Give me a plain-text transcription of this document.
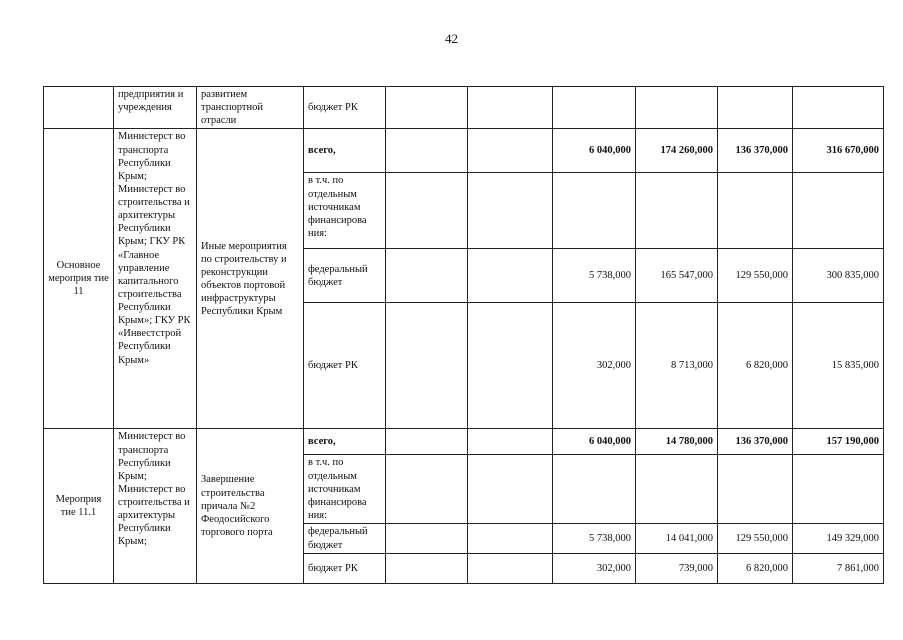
42
	предприятия и учреждения	развитием транспортной отрасли	бюджет РК						
Основное мероприя тие 11	Министерст во транспорта Республики Крым; Министерст во строительства и архитектуры Республики Крым; ГКУ РК «Главное управление капитального строительства Республики Крым»; ГКУ РК «Инвестстрой Республики Крым»	Иные мероприятия по строительству и реконструкции объектов портовой инфраструктуры Республики Крым	всего,			6 040,000	174 260,000	136 370,000	316 670,000
			в т.ч. по отдельным источникам финансирова ния:						
			федеральный бюджет			5 738,000	165 547,000	129 550,000	300 835,000
			бюджет РК			302,000	8 713,000	6 820,000	15 835,000
Мероприя тие 11.1	Министерст во транспорта Республики Крым; Министерст во строительства и архитектуры Республики Крым;	Завершение строительства причала №2 Феодосийского торгового порта	всего,			6 040,000	14 780,000	136 370,000	157 190,000
			в т.ч. по отдельным источникам финансирова ния:						
			федеральный бюджет			5 738,000	14 041,000	129 550,000	149 329,000
			бюджет РК			302,000	739,000	6 820,000	7 861,000
